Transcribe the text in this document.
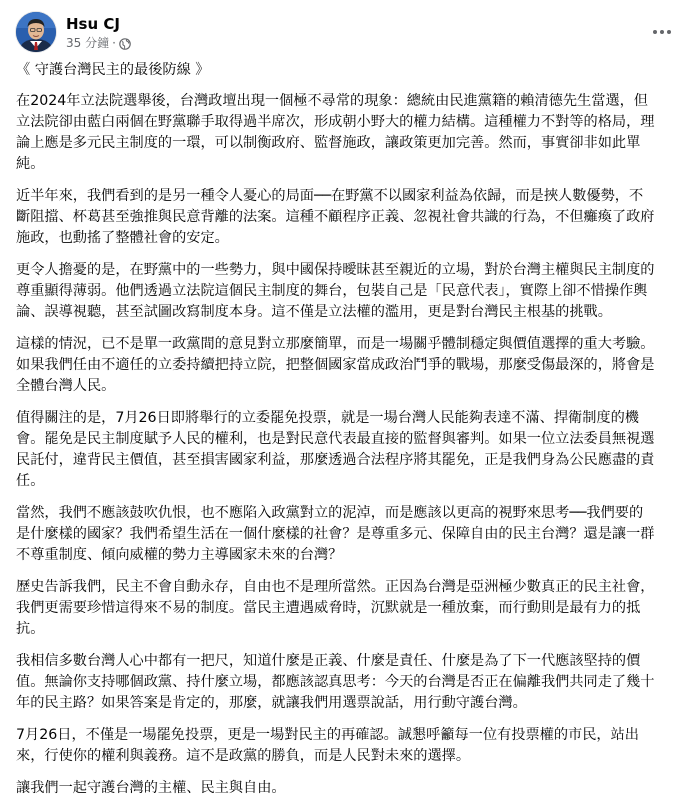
Hsu CJ
35 分鐘 ·

《 守護台灣民主的最後防線 》

在2024年立法院選舉後，台灣政壇出現一個極不尋常的現象：總統由民進黨籍的賴清德先生當選，但
立法院卻由藍白兩個在野黨聯手取得過半席次，形成朝小野大的權力結構。這種權力不對等的格局，理
論上應是多元民主制度的一環，可以制衡政府、監督施政，讓政策更加完善。然而，事實卻非如此單
純。

近半年來，我們看到的是另一種令人憂心的局面──在野黨不以國家利益為依歸，而是挾人數優勢，不
斷阻擋、杯葛甚至強推與民意背離的法案。這種不顧程序正義、忽視社會共識的行為，不但癱瘓了政府
施政，也動搖了整體社會的安定。

更令人擔憂的是，在野黨中的一些勢力，與中國保持曖昧甚至親近的立場，對於台灣主權與民主制度的
尊重顯得薄弱。他們透過立法院這個民主制度的舞台，包裝自己是「民意代表」，實際上卻不惜操作輿
論、誤導視聽，甚至試圖改寫制度本身。這不僅是立法權的濫用，更是對台灣民主根基的挑戰。

這樣的情況，已不是單一政黨間的意見對立那麼簡單，而是一場關乎體制穩定與價值選擇的重大考驗。
如果我們任由不適任的立委持續把持立院，把整個國家當成政治鬥爭的戰場，那麼受傷最深的，將會是
全體台灣人民。

值得關注的是，7月26日即將舉行的立委罷免投票，就是一場台灣人民能夠表達不滿、捍衛制度的機
會。罷免是民主制度賦予人民的權利，也是對民意代表最直接的監督與審判。如果一位立法委員無視選
民託付，違背民主價值，甚至損害國家利益，那麼透過合法程序將其罷免，正是我們身為公民應盡的責
任。

當然，我們不應該鼓吹仇恨，也不應陷入政黨對立的泥淖，而是應該以更高的視野來思考──我們要的
是什麼樣的國家？我們希望生活在一個什麼樣的社會？是尊重多元、保障自由的民主台灣？還是讓一群
不尊重制度、傾向威權的勢力主導國家未來的台灣？

歷史告訴我們，民主不會自動永存，自由也不是理所當然。正因為台灣是亞洲極少數真正的民主社會，
我們更需要珍惜這得來不易的制度。當民主遭遇威脅時，沉默就是一種放棄，而行動則是最有力的抵
抗。

我相信多數台灣人心中都有一把尺，知道什麼是正義、什麼是責任、什麼是為了下一代應該堅持的價
值。無論你支持哪個政黨、持什麼立場，都應該認真思考：今天的台灣是否正在偏離我們共同走了幾十
年的民主路？如果答案是肯定的，那麼，就讓我們用選票說話，用行動守護台灣。

7月26日，不僅是一場罷免投票，更是一場對民主的再確認。誠懇呼籲每一位有投票權的市民，站出
來，行使你的權利與義務。這不是政黨的勝負，而是人民對未來的選擇。

讓我們一起守護台灣的主權、民主與自由。
